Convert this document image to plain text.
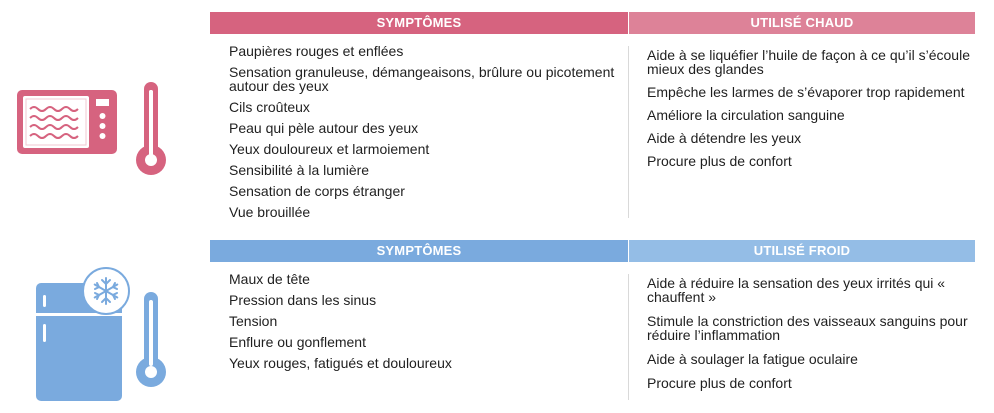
SYMPTÔMES	UTILISÉ CHAUD
Paupières rouges et enflées
Sensation granuleuse, démangeaisons, brûlure ou picotement autour des yeux
Cils croûteux
Peau qui pèle autour des yeux
Yeux douloureux et larmoiement
Sensibilité à la lumière
Sensation de corps étranger
Vue brouillée
Aide à se liquéfier l’huile de façon à ce qu’il s’écoule mieux des glandes
Empêche les larmes de s’évaporer trop rapidement
Améliore la circulation sanguine
Aide à détendre les yeux
Procure plus de confort
SYMPTÔMES	UTILISÉ FROID
Maux de tête
Pression dans les sinus
Tension
Enflure ou gonflement
Yeux rouges, fatigués et douloureux
Aide à réduire la sensation des yeux irrités qui « chauffent »
Stimule la constriction des vaisseaux sanguins pour réduire l’inflammation
Aide à soulager la fatigue oculaire
Procure plus de confort
